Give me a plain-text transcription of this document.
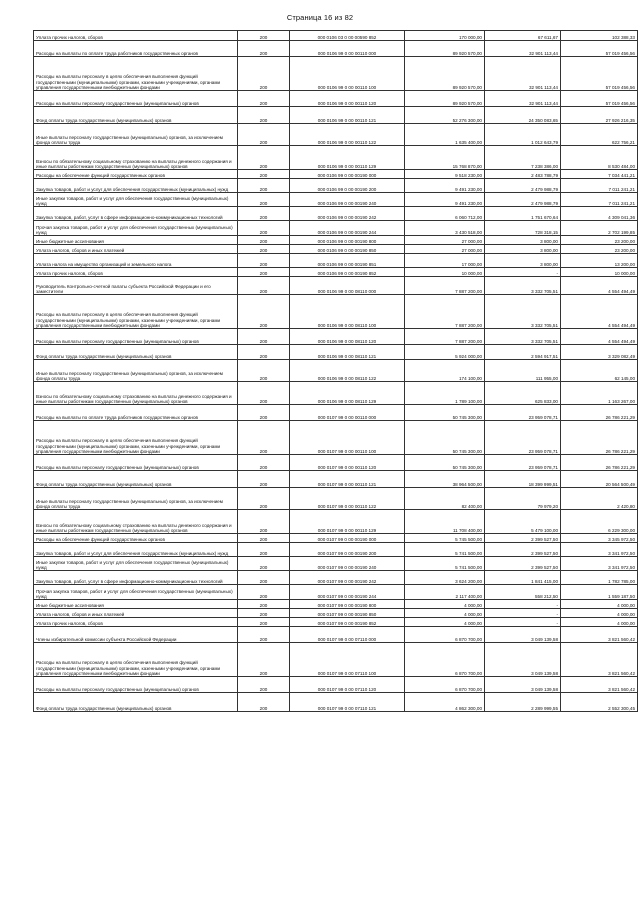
Страница 16 из 82
Уплата прочих налогов, сборов	200	000 0106 03 0 00 00590 852	170 000,00	67 611,67	102 388,33
Расходы на выплаты по оплате труда работников государственных органов	200	000 0106 99 0 00 00110 000	89 920 570,00	32 901 113,44	57 019 456,56
Расходы на выплаты персоналу в целях обеспечения выполнения функций государственными (муниципальными) органами, казенными учреждениями, органами управления государственными внебюджетными фондами	200	000 0106 99 0 00 00110 100	89 920 570,00	32 901 113,44	57 019 456,56
Расходы на выплаты персоналу государственных (муниципальных) органов	200	000 0106 99 0 00 00110 120	89 920 570,00	32 901 113,44	57 019 456,56
Фонд оплаты труда государственных (муниципальных) органов	200	000 0106 99 0 00 00110 121	52 276 300,00	24 350 083,65	27 926 216,35
Иные выплаты персоналу государственных (муниципальных) органов, за исключением фонда оплаты труда	200	000 0106 99 0 00 00110 122	1 635 400,00	1 012 643,79	622 756,21
Взносы по обязательному социальному страхованию на выплаты денежного содержания и иные выплаты работникам государственных (муниципальных) органов	200	000 0106 99 0 00 00110 129	15 768 870,00	7 238 386,00	8 530 484,00
Расходы на обеспечение функций государственных органов	200	000 0106 99 0 00 00190 000	9 518 230,00	2 483 788,79	7 034 441,21
Закупка товаров, работ и услуг для обеспечения государственных (муниципальных) нужд	200	000 0106 99 0 00 00190 200	9 491 230,00	2 479 988,79	7 011 241,21
Иные закупки товаров, работ и услуг для обеспечения государственных (муниципальных) нужд	200	000 0106 99 0 00 00190 240	9 491 230,00	2 479 988,79	7 011 241,21
Закупка товаров, работ, услуг в сфере информационно-коммуникационных технологий	200	000 0106 99 0 00 00190 242	6 060 712,00	1 751 670,64	4 309 041,36
Прочая закупка товаров, работ и услуг для обеспечения государственных (муниципальных) нужд	200	000 0106 99 0 00 00190 244	3 430 518,00	728 318,15	2 702 199,85
Иные бюджетные ассигнования	200	000 0106 99 0 00 00190 800	27 000,00	3 800,00	23 200,00
Уплата налогов, сборов и иных платежей	200	000 0106 99 0 00 00190 850	27 000,00	3 800,00	23 200,00
Уплата налога на имущество организаций и земельного налога	200	000 0106 99 0 00 00190 851	17 000,00	3 800,00	13 200,00
Уплата прочих налогов, сборов	200	000 0106 99 0 00 00190 852	10 000,00	-	10 000,00
Руководитель Контрольно-счетной палаты субъекта Российской Федерации и его заместители	200	000 0106 99 0 00 08110 000	7 887 200,00	3 332 705,51	4 554 494,49
Расходы на выплаты персоналу в целях обеспечения выполнения функций государственными (муниципальными) органами, казенными учреждениями, органами управления государственными внебюджетными фондами	200	000 0106 99 0 00 08110 100	7 887 200,00	3 332 705,51	4 554 494,49
Расходы на выплаты персоналу государственных (муниципальных) органов	200	000 0106 99 0 00 08110 120	7 887 200,00	3 332 705,51	4 554 494,49
Фонд оплаты труда государственных (муниципальных) органов	200	000 0106 99 0 00 08110 121	5 924 000,00	2 594 917,51	3 329 082,49
Иные выплаты персоналу государственных (муниципальных) органов, за исключением фонда оплаты труда	200	000 0106 99 0 00 08110 122	174 100,00	111 955,00	62 145,00
Взносы по обязательному социальному страхованию на выплаты денежного содержания и иные выплаты работникам государственных (муниципальных) органов	200	000 0106 99 0 00 08110 129	1 789 100,00	625 833,00	1 163 267,00
Расходы на выплаты по оплате труда работников государственных органов	200	000 0107 99 0 00 00110 000	50 745 300,00	23 959 078,71	26 786 221,29
Расходы на выплаты персоналу в целях обеспечения выполнения функций государственными (муниципальными) органами, казенными учреждениями, органами управления государственными внебюджетными фондами	200	000 0107 99 0 00 00110 100	50 745 300,00	23 959 078,71	26 786 221,29
Расходы на выплаты персоналу государственных (муниципальных) органов	200	000 0107 99 0 00 00110 120	50 745 300,00	23 959 078,71	26 786 221,29
Фонд оплаты труда государственных (муниципальных) органов	200	000 0107 99 0 00 00110 121	38 964 500,00	18 399 999,51	20 564 500,49
Иные выплаты персоналу государственных (муниципальных) органов, за исключением фонда оплаты труда	200	000 0107 99 0 00 00110 122	82 400,00	79 979,20	2 420,80
Взносы по обязательному социальному страхованию на выплаты денежного содержания и иные выплаты работникам государственных (муниципальных) органов	200	000 0107 99 0 00 00110 129	11 708 400,00	5 479 100,00	6 229 300,00
Расходы на обеспечение функций государственных органов	200	000 0107 99 0 00 00190 000	5 745 500,00	2 399 527,50	3 345 972,50
Закупка товаров, работ и услуг для обеспечения государственных (муниципальных) нужд	200	000 0107 99 0 00 00190 200	5 741 500,00	2 399 527,50	3 341 972,50
Иные закупки товаров, работ и услуг для обеспечения государственных (муниципальных) нужд	200	000 0107 99 0 00 00190 240	5 741 500,00	2 399 527,50	3 341 972,50
Закупка товаров, работ, услуг в сфере информационно-коммуникационных технологий	200	000 0107 99 0 00 00190 242	3 624 200,00	1 841 415,00	1 782 785,00
Прочая закупка товаров, работ и услуг для обеспечения государственных (муниципальных) нужд	200	000 0107 99 0 00 00190 244	2 117 400,00	558 212,50	1 559 187,50
Иные бюджетные ассигнования	200	000 0107 99 0 00 00190 800	4 000,00	-	4 000,00
Уплата налогов, сборов и иных платежей	200	000 0107 99 0 00 00190 850	4 000,00	-	4 000,00
Уплата прочих налогов, сборов	200	000 0107 99 0 00 00190 852	4 000,00	-	4 000,00
Члены избирательной комиссии субъекта Российской Федерации	200	000 0107 99 0 00 07110 000	6 870 700,00	3 049 139,58	3 821 560,42
Расходы на выплаты персоналу в целях обеспечения выполнения функций государственными (муниципальными) органами, казенными учреждениями, органами управления государственными внебюджетными фондами	200	000 0107 99 0 00 07110 100	6 870 700,00	3 049 139,58	3 821 560,42
Расходы на выплаты персоналу государственных (муниципальных) органов	200	000 0107 99 0 00 07110 120	6 870 700,00	3 049 139,58	3 821 560,42
Фонд оплаты труда государственных (муниципальных) органов	200	000 0107 99 0 00 07110 121	4 862 300,00	2 289 999,55	2 552 300,45
